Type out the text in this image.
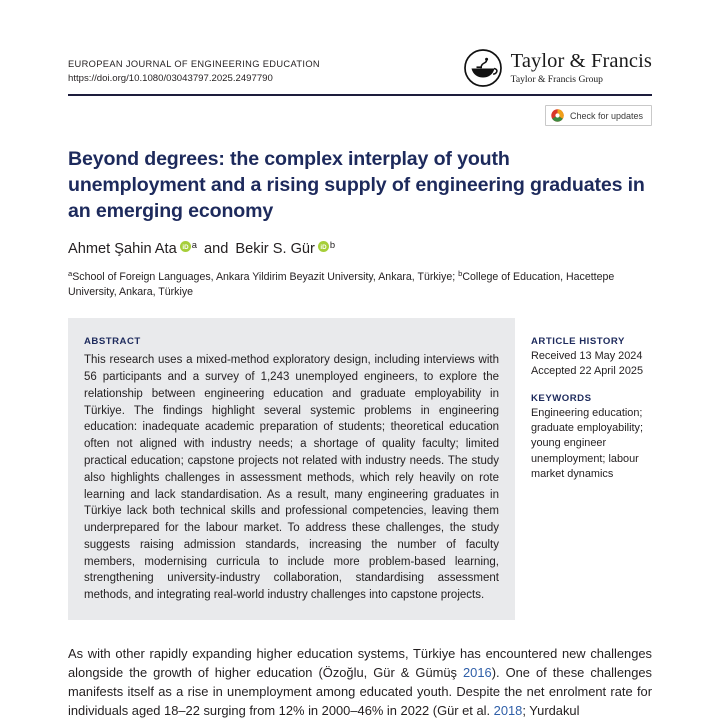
EUROPEAN JOURNAL OF ENGINEERING EDUCATION
https://doi.org/10.1080/03043797.2025.2497790
Taylor & Francis
Taylor & Francis Group
Check for updates
Beyond degrees: the complex interplay of youth unemployment and a rising supply of engineering graduates in an emerging economy
Ahmet Şahin Ata iD $^a$ and Bekir S. Gür iD $^b$
$^a$School of Foreign Languages, Ankara Yildirim Beyazit University, Ankara, Türkiye; $^b$College of Education, Hacettepe University, Ankara, Türkiye
ABSTRACT

This research uses a mixed-method exploratory design, including interviews with 56 participants and a survey of 1,243 unemployed engineers, to explore the relationship between engineering education and graduate employability in Türkiye. The findings highlight several systemic problems in engineering education: inadequate academic preparation of students; theoretical education often not aligned with industry needs; a shortage of quality faculty; limited practical education; capstone projects not related with industry needs. The study also highlights challenges in assessment methods, which rely heavily on rote learning and lack standardisation. As a result, many engineering graduates in Türkiye lack both technical skills and professional competencies, leaving them underprepared for the labour market. To address these challenges, the study suggests raising admission standards, increasing the number of faculty members, modernising curricula to include more problem-based learning, strengthening university-industry collaboration, standardising assessment methods, and integrating real-world industry challenges into capstone projects.

ARTICLE HISTORY
Received 13 May 2024
Accepted 22 April 2025
KEYWORDS
Engineering education; graduate employability; young engineer unemployment; labour market dynamics
As with other rapidly expanding higher education systems, Türkiye has encountered new challenges alongside the growth of higher education (Özoğlu, Gür & Gümüş 2016). One of these challenges manifests itself as a rise in unemployment among educated youth. Despite the net enrolment rate for individuals aged 18–22 surging from 12% in 2000–46% in 2022 (Gür et al. 2018; Yurdakul
